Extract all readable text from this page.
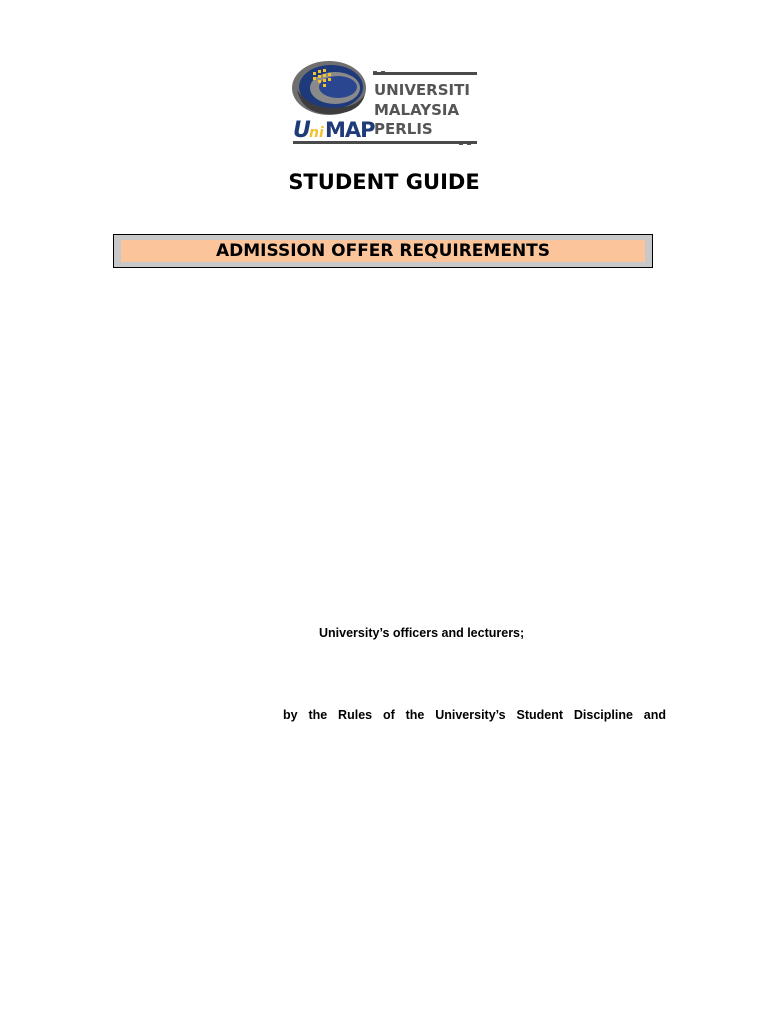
U
ni MAP
UNIVERSITI
MALAYSIA
PERLIS
STUDENT GUIDE
ADMISSION OFFER REQUIREMENTS
University’s officers and lecturers;
by the Rules of the University’s Student Discipline and
